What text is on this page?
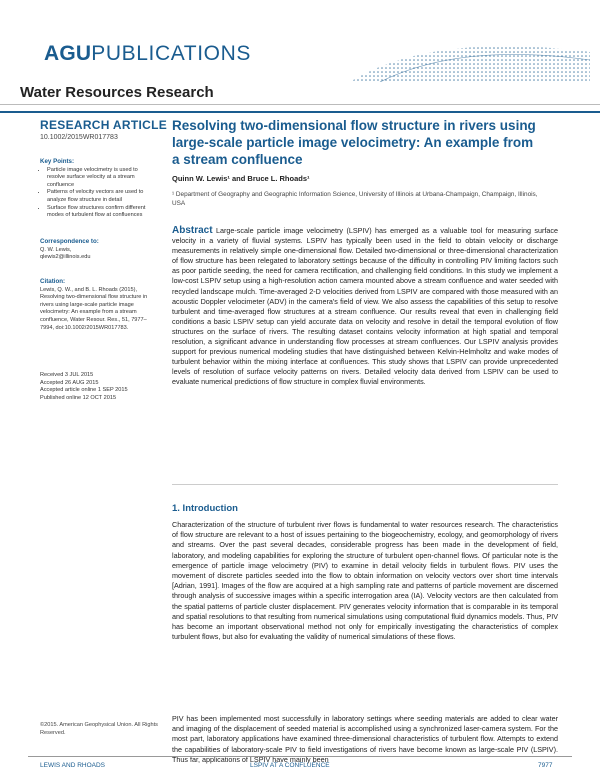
AGUPUBLICATIONS
Water Resources Research
RESEARCH ARTICLE
10.1002/2015WR017783
Key Points:
• Particle image velocimetry is used to resolve surface velocity at a stream confluence
• Patterns of velocity vectors are used to analyze flow structure in detail
• Surface flow structures confirm different modes of turbulent flow at confluences
Correspondence to:
Q. W. Lewis,
qlewis2@illinois.edu
Citation:
Lewis, Q. W., and B. L. Rhoads (2015), Resolving two-dimensional flow structure in rivers using large-scale particle image velocimetry: An example from a stream confluence, Water Resour. Res., 51, 7977–7994, doi:10.1002/2015WR017783.
Received 3 JUL 2015
Accepted 26 AUG 2015
Accepted article online 1 SEP 2015
Published online 12 OCT 2015
©2015. American Geophysical Union. All Rights Reserved.
Resolving two-dimensional flow structure in rivers using large-scale particle image velocimetry: An example from a stream confluence
Quinn W. Lewis¹ and Bruce L. Rhoads¹
¹ Department of Geography and Geographic Information Science, University of Illinois at Urbana-Champaign, Champaign, Illinois, USA
Abstract Large-scale particle image velocimetry (LSPIV) has emerged as a valuable tool for measuring surface velocity in a variety of fluvial systems. LSPIV has typically been used in the field to obtain velocity or discharge measurements in relatively simple one-dimensional flow. Detailed two-dimensional or three-dimensional characterization of flow structure has been relegated to laboratory settings because of the difficulty in controlling PIV limiting factors such as poor particle seeding, the need for camera rectification, and challenging field conditions. In this study we implement a low-cost LSPIV setup using a high-resolution action camera mounted above a stream confluence and water seeded with recycled landscape mulch. Time-averaged 2-D velocities derived from LSPIV are compared with those measured with an acoustic Doppler velocimeter (ADV) in the camera's field of view. We also assess the capabilities of this setup to resolve turbulent and time-averaged flow structures at a stream confluence. Our results reveal that even in challenging field conditions a basic LSPIV setup can yield accurate data on velocity and resolve in detail the temporal evolution of flow structures on the surface of rivers. The resulting dataset contains velocity information at high spatial and temporal resolution, a significant advance in understanding flow processes at stream confluences. Our LSPIV analysis provides support for previous numerical modeling studies that have distinguished between Kelvin-Helmholtz and wake modes of turbulent behavior within the mixing interface at confluences. This study shows that LSPIV can provide unprecedented levels of resolution of surface velocity patterns on rivers. Detailed velocity data derived from LSPIV can be used to evaluate numerical predictions of flow structure in complex fluvial environments.
1. Introduction
Characterization of the structure of turbulent river flows is fundamental to water resources research. The characteristics of flow structure are relevant to a host of issues pertaining to the biogeochemistry, ecology, and geomorphology of rivers and streams. Over the past several decades, considerable progress has been made in the development of field, laboratory, and modeling capabilities for exploring the structure of turbulent open-channel flows. Of particular note is the emergence of particle image velocimetry (PIV) to examine in detail velocity fields in turbulent flows. PIV uses the movement of discrete particles seeded into the flow to obtain information on velocity vectors over short time intervals [Adrian, 1991]. Images of the flow are acquired at a high sampling rate and patterns of particle movement are discerned through analysis of successive images within a specific interrogation area (IA). Velocity vectors are then calculated from the spatial patterns of particle cluster displacement. PIV generates velocity information that is comparable in its temporal and spatial resolutions to that resulting from numerical simulations using computational fluid dynamics models. Thus, PIV has become an important observational method not only for empirically investigating the characteristics of complex turbulent flows, but also for evaluating the validity of numerical simulations of these flows.
PIV has been implemented most successfully in laboratory settings where seeding materials are added to clear water and imaging of the displacement of seeded material is accomplished using a synchronized laser-camera system. For the most part, laboratory applications have examined three-dimensional characteristics of turbulent flow. Attempts to extend the capabilities of laboratory-scale PIV to field investigations of rivers have become known as large-scale PIV (LSPIV). Thus far, applications of LSPIV have mainly been
LEWIS AND RHOADS	LSPIV AT A CONFLUENCE	7977
